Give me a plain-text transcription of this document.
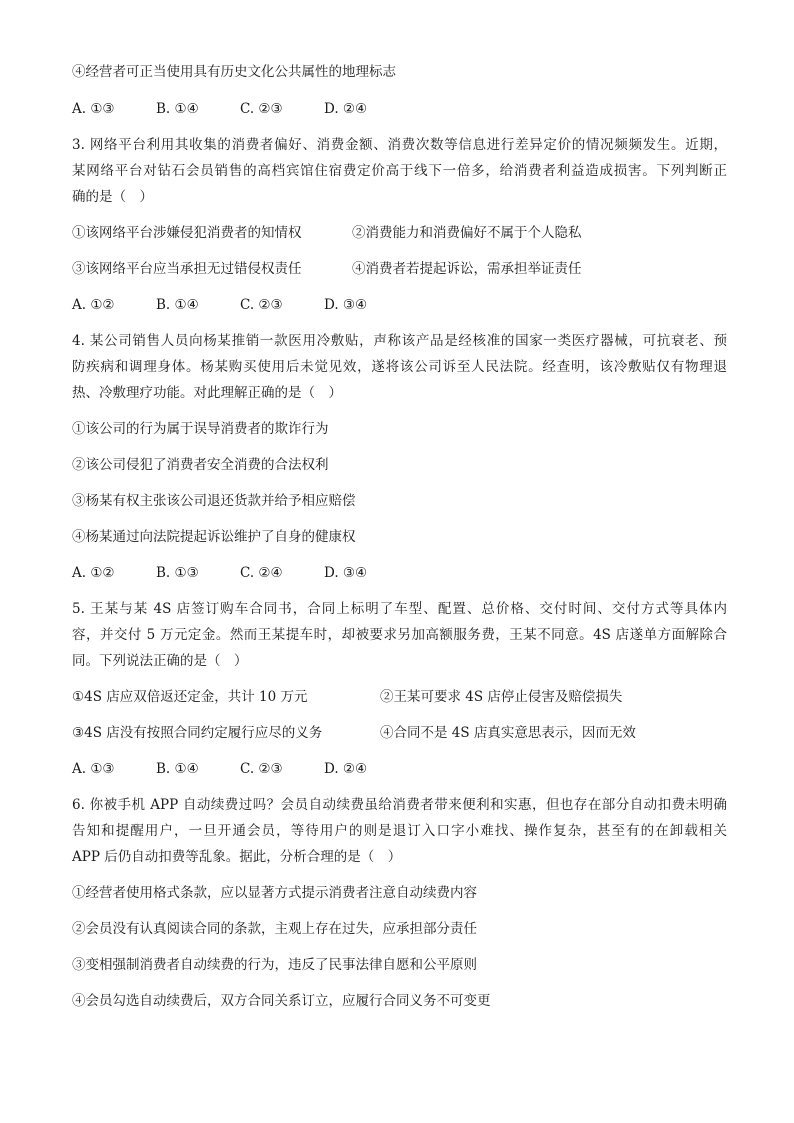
④经营者可正当使用具有历史文化公共属性的地理标志
A. ①③	B. ①④	C. ②③	D. ②④
3. 网络平台利用其收集的消费者偏好、消费金额、消费次数等信息进行差异定价的情况频频发生。近期，
某网络平台对钻石会员销售的高档宾馆住宿费定价高于线下一倍多，给消费者利益造成损害。下列判断正
确的是（　）
①该网络平台涉嫌侵犯消费者的知情权	②消费能力和消费偏好不属于个人隐私
③该网络平台应当承担无过错侵权责任	④消费者若提起诉讼，需承担举证责任
A. ①②	B. ①④	C. ②③	D. ③④
4. 某公司销售人员向杨某推销一款医用冷敷贴，声称该产品是经核准的国家一类医疗器械，可抗衰老、预
防疾病和调理身体。杨某购买使用后未觉见效，遂将该公司诉至人民法院。经查明，该冷敷贴仅有物理退
热、冷敷理疗功能。对此理解正确的是（　）
①该公司的行为属于误导消费者的欺诈行为
②该公司侵犯了消费者安全消费的合法权利
③杨某有权主张该公司退还货款并给予相应赔偿
④杨某通过向法院提起诉讼维护了自身的健康权
A. ①②	B. ①③	C. ②④	D. ③④
5. 王某与某 4S 店签订购车合同书，合同上标明了车型、配置、总价格、交付时间、交付方式等具体内
容，并交付 5 万元定金。然而王某提车时，却被要求另加高额服务费，王某不同意。4S 店遂单方面解除合
同。下列说法正确的是（　）
①4S 店应双倍返还定金，共计 10 万元	②王某可要求 4S 店停止侵害及赔偿损失
③4S 店没有按照合同约定履行应尽的义务	④合同不是 4S 店真实意思表示，因而无效
A. ①③	B. ①④	C. ②③	D. ②④
6. 你被手机 APP 自动续费过吗？会员自动续费虽给消费者带来便利和实惠，但也存在部分自动扣费未明确
告知和提醒用户，一旦开通会员，等待用户的则是退订入口字小难找、操作复杂，甚至有的在卸载相关
APP 后仍自动扣费等乱象。据此，分析合理的是（　）
①经营者使用格式条款，应以显著方式提示消费者注意自动续费内容
②会员没有认真阅读合同的条款，主观上存在过失，应承担部分责任
③变相强制消费者自动续费的行为，违反了民事法律自愿和公平原则
④会员勾选自动续费后，双方合同关系订立，应履行合同义务不可变更
